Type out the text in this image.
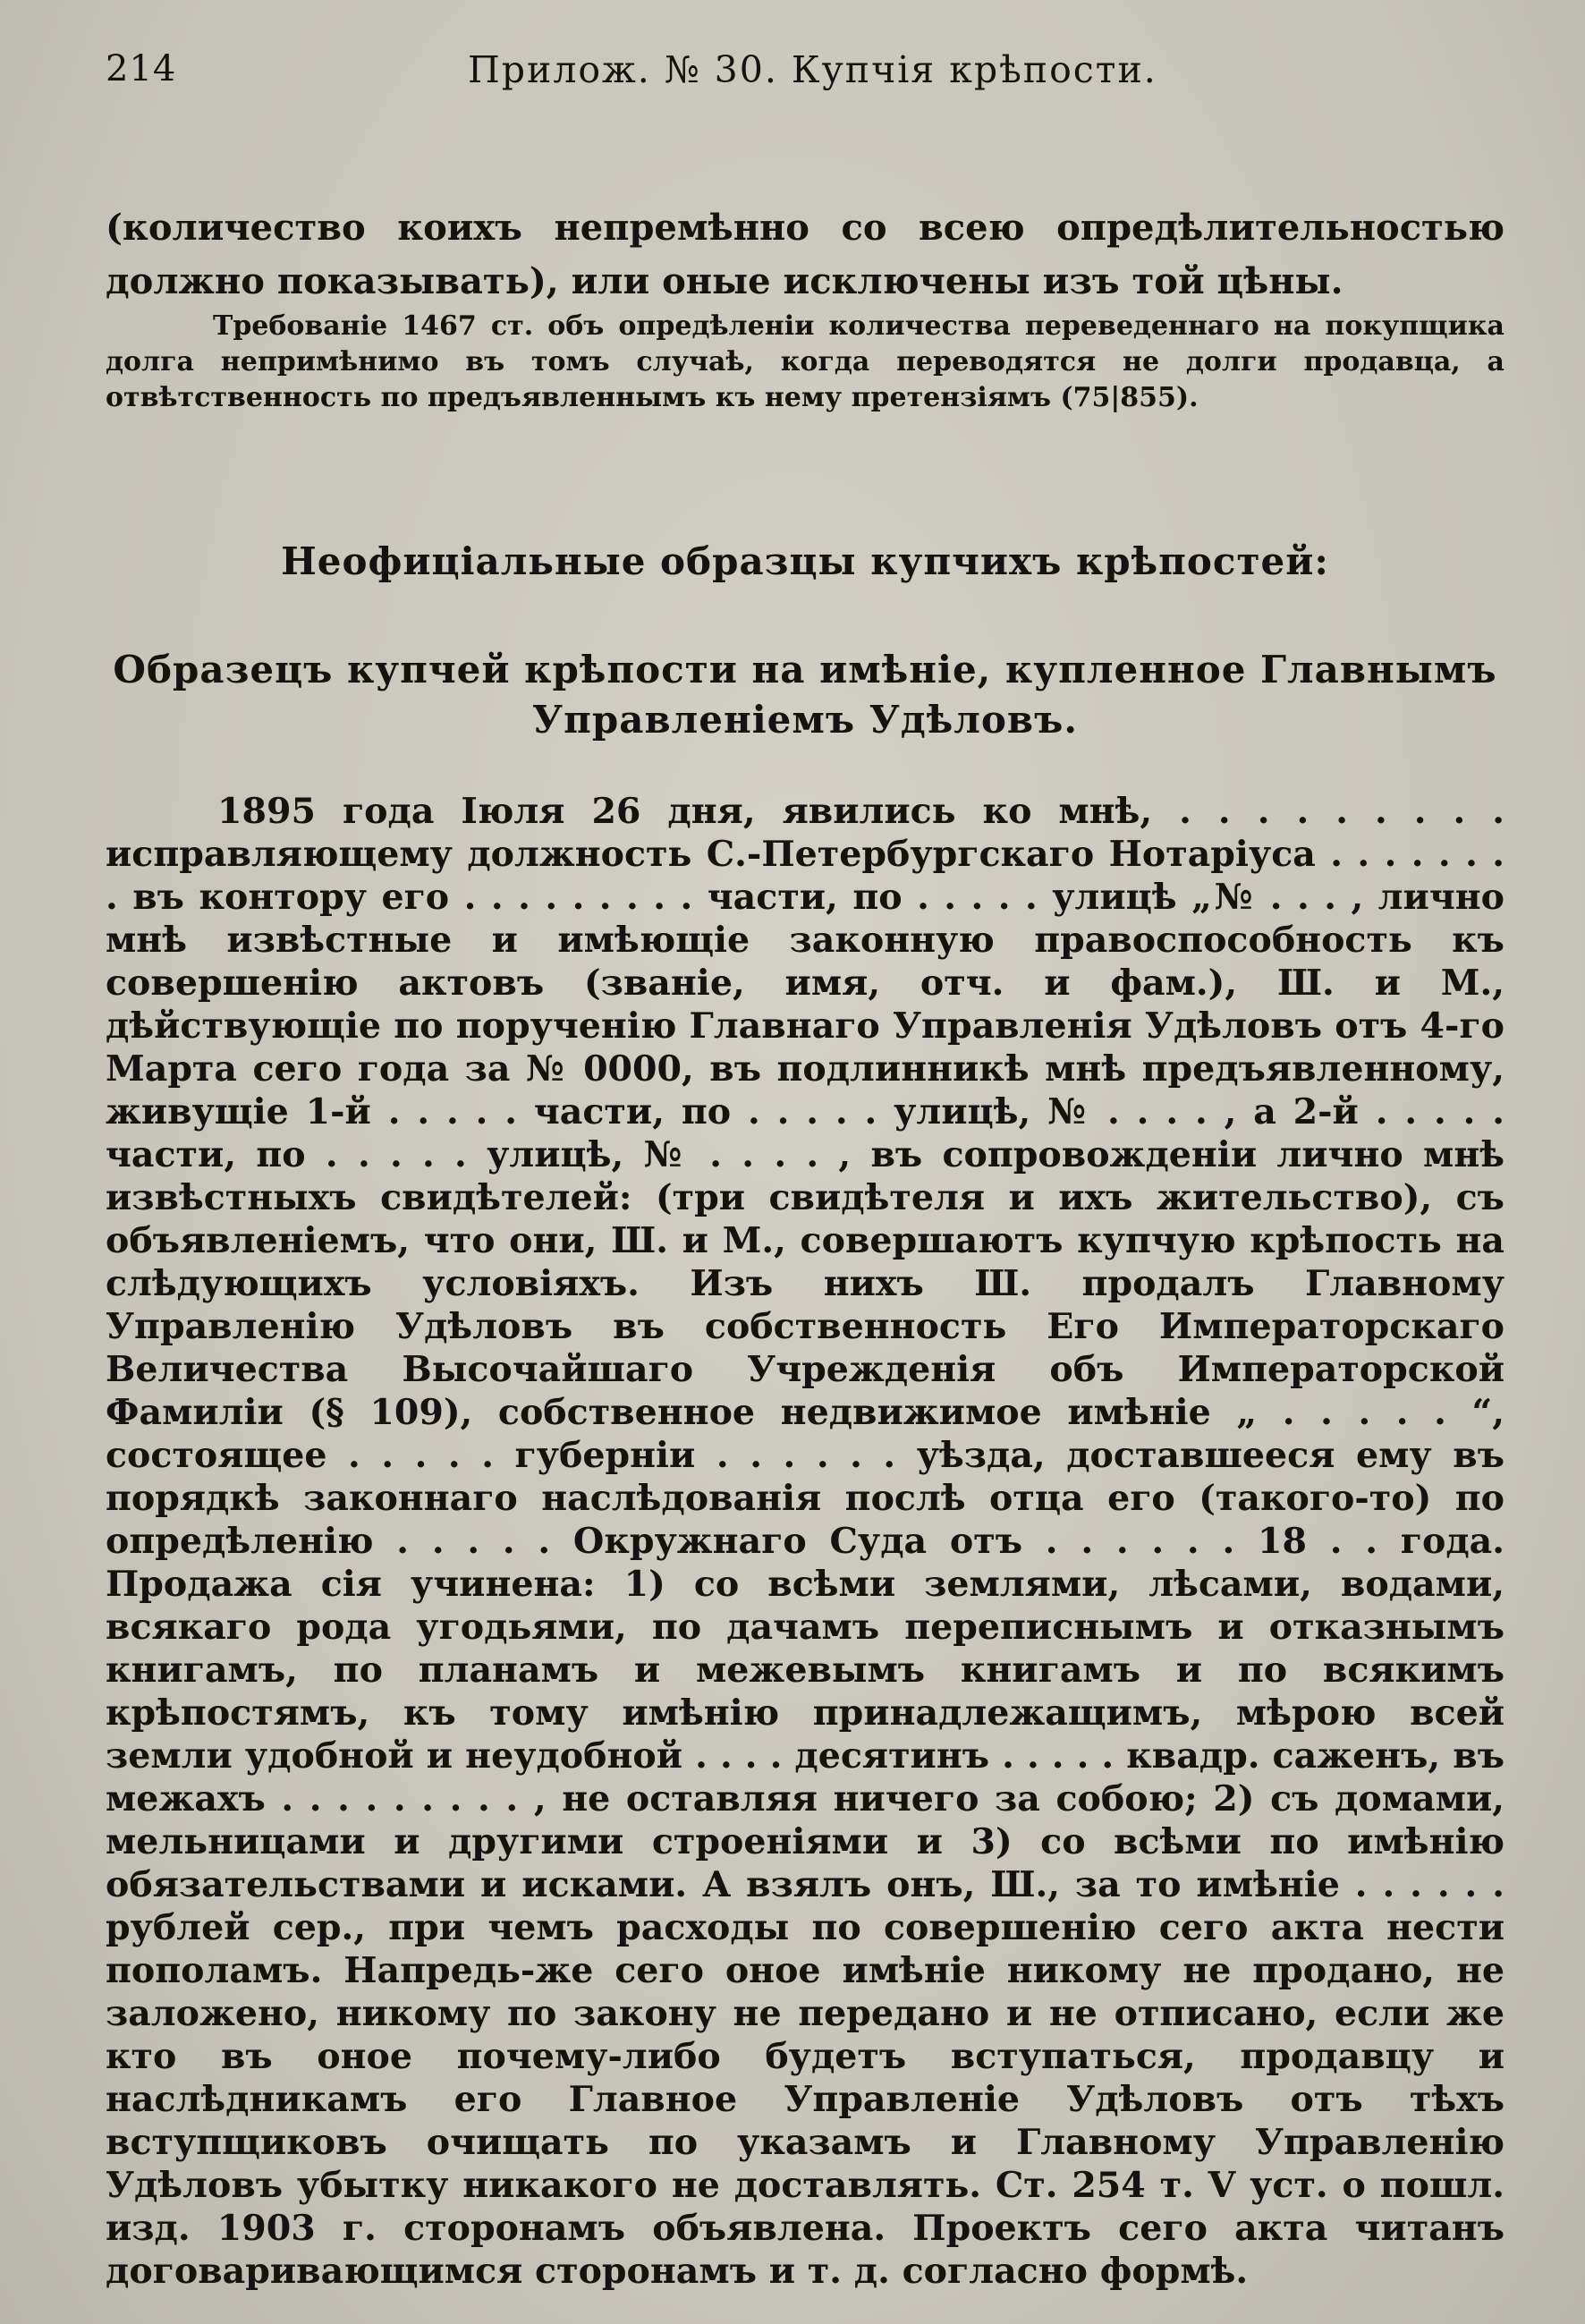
214	Прилож. № 30. Купчія крѣпости.

(количество коихъ непремѣнно со всею опредѣлительностью должно показывать), или оные исключены изъ той цѣны.

Требованіе 1467 ст. объ опредѣленіи количества переведеннаго на покупщика долга непримѣнимо въ томъ случаѣ, когда переводятся не долги продавца, а отвѣтственность по предъявленнымъ къ нему претензіямъ (75|855).

Неофиціальные образцы купчихъ крѣпостей:
Образецъ купчей крѣпости на имѣніе, купленное Главнымъ Управленіемъ Удѣловъ.

1895 года Іюля 26 дня, явились ко мнѣ, . . . . . . . . . исправляющему должность С.-Петербургскаго Нотаріуса . . . . . . . . въ контору его . . . . . . . . . части, по . . . . . улицѣ „№ . . . , лично мнѣ извѣстные и имѣющіе законную правоспособность къ совершенію актовъ (званіе, имя, отч. и фам.), Ш. и М., дѣйствующіе по порученію Главнаго Управленія Удѣловъ отъ 4-го Марта сего года за № 0000, въ подлинникѣ мнѣ предъявленному, живущіе 1-й . . . . . части, по . . . . . улицѣ, № . . . . , а 2-й . . . . . части, по . . . . . улицѣ, № . . . . , въ сопровожденіи лично мнѣ извѣстныхъ свидѣтелей: (три свидѣтеля и ихъ жительство), съ объявленіемъ, что они, Ш. и М., совершаютъ купчую крѣпость на слѣдующихъ условіяхъ. Изъ нихъ Ш. продалъ Главному Управленію Удѣловъ въ собственность Его Императорскаго Величества Высочайшаго Учрежденія объ Императорской Фамиліи (§ 109), собственное недвижимое имѣніе „ . . . . . “, состоящее . . . . . губерніи . . . . . . уѣзда, доставшееся ему въ порядкѣ законнаго наслѣдованія послѣ отца его (такого-то) по опредѣленію . . . . . Окружнаго Суда отъ . . . . . . 18 . . года. Продажа сія учинена: 1) со всѣми землями, лѣсами, водами, всякаго рода угодьями, по дачамъ переписнымъ и отказнымъ книгамъ, по планамъ и межевымъ книгамъ и по всякимъ крѣпостямъ, къ тому имѣнію принадлежащимъ, мѣрою всей земли удобной и неудобной . . . . десятинъ . . . . . квадр. саженъ, въ межахъ . . . . . . . . . , не оставляя ничего за собою; 2) съ домами, мельницами и другими строеніями и 3) со всѣми по имѣнію обязательствами и исками. А взялъ онъ, Ш., за то имѣніе . . . . . . рублей сер., при чемъ расходы по совершенію сего акта нести пополамъ. Напредь-же сего оное имѣніе никому не продано, не заложено, никому по закону не передано и не отписано, если же кто въ оное почему-либо будетъ вступаться, продавцу и наслѣдникамъ его Главное Управленіе Удѣловъ отъ тѣхъ вступщиковъ очищать по указамъ и Главному Управленію Удѣловъ убытку никакого не доставлять. Ст. 254 т. V уст. о пошл. изд. 1903 г. сторонамъ объявлена. Проектъ сего акта читанъ договаривающимся сторонамъ и т. д. согласно формѣ.
